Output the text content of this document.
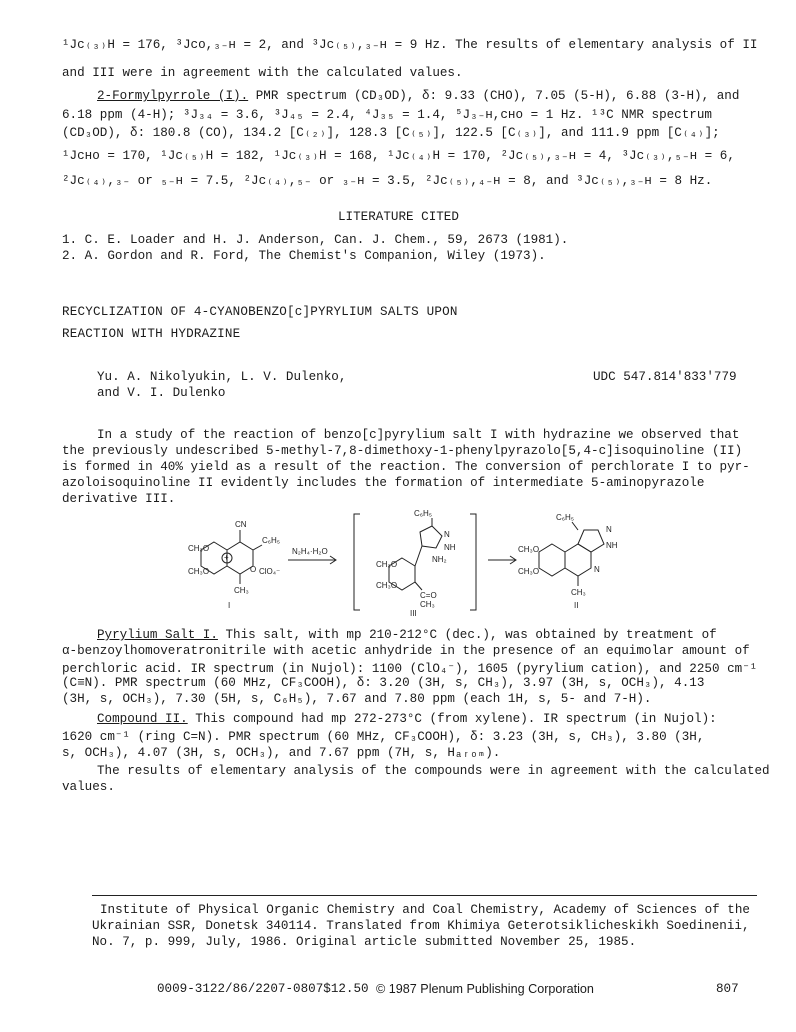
¹Jᴄ₍₃₎H = 176, ³Jᴄᴏ,₃₋ʜ = 2, and ³Jᴄ₍₅₎,₃₋ʜ = 9 Hz. The results of elementary analysis of II
and III were in agreement with the calculated values.
2-Formylpyrrole (I). PMR spectrum (CD₃OD), δ: 9.33 (CHO), 7.05 (5-H), 6.88 (3-H), and
6.18 ppm (4-H); ³J₃₄ = 3.6, ³J₄₅ = 2.4, ⁴J₃₅ = 1.4, ⁵J₃₋ʜ,ᴄʜᴏ = 1 Hz. ¹³C NMR spectrum
(CD₃OD), δ: 180.8 (CO), 134.2 [C₍₂₎], 128.3 [C₍₅₎], 122.5 [C₍₃₎], and 111.9 ppm [C₍₄₎];
¹Jᴄʜᴏ = 170, ¹Jᴄ₍₅₎H = 182, ¹Jᴄ₍₃₎H = 168, ¹Jᴄ₍₄₎H = 170, ²Jᴄ₍₅₎,₃₋ʜ = 4, ³Jᴄ₍₃₎,₅₋ʜ = 6,
²Jᴄ₍₄₎,₃₋ or ₅₋ʜ = 7.5, ²Jᴄ₍₄₎,₅₋ or ₃₋ʜ = 3.5, ²Jᴄ₍₅₎,₄₋ʜ = 8, and ³Jᴄ₍₅₎,₃₋ʜ = 8 Hz.
LITERATURE CITED
1. C. E. Loader and H. J. Anderson, Can. J. Chem., 59, 2673 (1981).
2. A. Gordon and R. Ford, The Chemist's Companion, Wiley (1973).
RECYCLIZATION OF 4-CYANOBENZO[c]PYRYLIUM SALTS UPON
REACTION WITH HYDRAZINE
Yu. A. Nikolyukin, L. V. Dulenko,
and V. I. Dulenko
UDC 547.814'833'779
In a study of the reaction of benzo[c]pyrylium salt I with hydrazine we observed that
the previously undescribed 5-methyl-7,8-dimethoxy-1-phenylpyrazolo[5,4-c]isoquinoline (II)
is formed in 40% yield as a result of the reaction. The conversion of perchlorate I to pyr-
azoloisoquinoline II evidently includes the formation of intermediate 5-aminopyrazole
derivative III.
CH₃O
CH₃O
CN
C₆H₅
+
O ClO₄⁻
CH₃
I
N₂H₄·H₂O
CH₃O
CH₃O
C₆H₅
N
NH
NH₂
C=O
CH₃
III
C₆H₅
N
NH
N
CH₃O
CH₃O
CH₃
II
Pyrylium Salt I. This salt, with mp 210-212°C (dec.), was obtained by treatment of
α-benzoylhomoveratronitrile with acetic anhydride in the presence of an equimolar amount of
perchloric acid. IR spectrum (in Nujol): 1100 (ClO₄⁻), 1605 (pyrylium cation), and 2250 cm⁻¹
(C≡N). PMR spectrum (60 MHz, CF₃COOH), δ: 3.20 (3H, s, CH₃), 3.97 (3H, s, OCH₃), 4.13
(3H, s, OCH₃), 7.30 (5H, s, C₆H₅), 7.67 and 7.80 ppm (each 1H, s, 5- and 7-H).
Compound II. This compound had mp 272-273°C (from xylene). IR spectrum (in Nujol):
1620 cm⁻¹ (ring C=N). PMR spectrum (60 MHz, CF₃COOH), δ: 3.23 (3H, s, CH₃), 3.80 (3H,
s, OCH₃), 4.07 (3H, s, OCH₃), and 7.67 ppm (7H, s, Hₐᵣₒₘ).
The results of elementary analysis of the compounds were in agreement with the calculated
values.
Institute of Physical Organic Chemistry and Coal Chemistry, Academy of Sciences of the
Ukrainian SSR, Donetsk 340114. Translated from Khimiya Geterotsiklicheskikh Soedinenii,
No. 7, p. 999, July, 1986. Original article submitted November 25, 1985.
0009-3122/86/2207-0807$12.50 © 1987 Plenum Publishing Corporation	807
